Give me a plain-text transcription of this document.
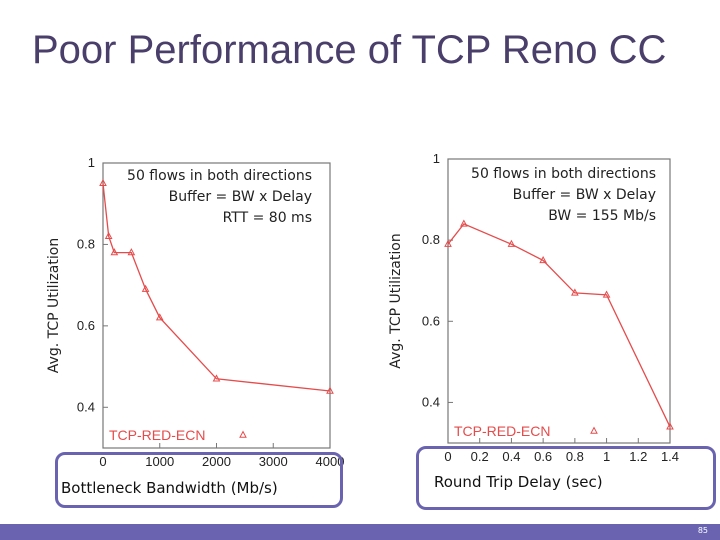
Poor Performance of TCP Reno CC
0	1000 2000 3000 4000
0.4
0.6
0.8
1
Avg. TCP Utilization
50 flows in both directions
Buffer = BW x Delay
RTT = 80 ms
TCP-RED-ECN
0 0.2 0.4 0.6 0.8 1 1.2 1.4
0.4
0.6
0.8
1
Avg. TCP Utilization
50 flows in both directions
Buffer = BW x Delay
BW = 155 Mb/s
TCP-RED-ECN
Bottleneck Bandwidth (Mb/s)	Round Trip Delay (sec)
85
